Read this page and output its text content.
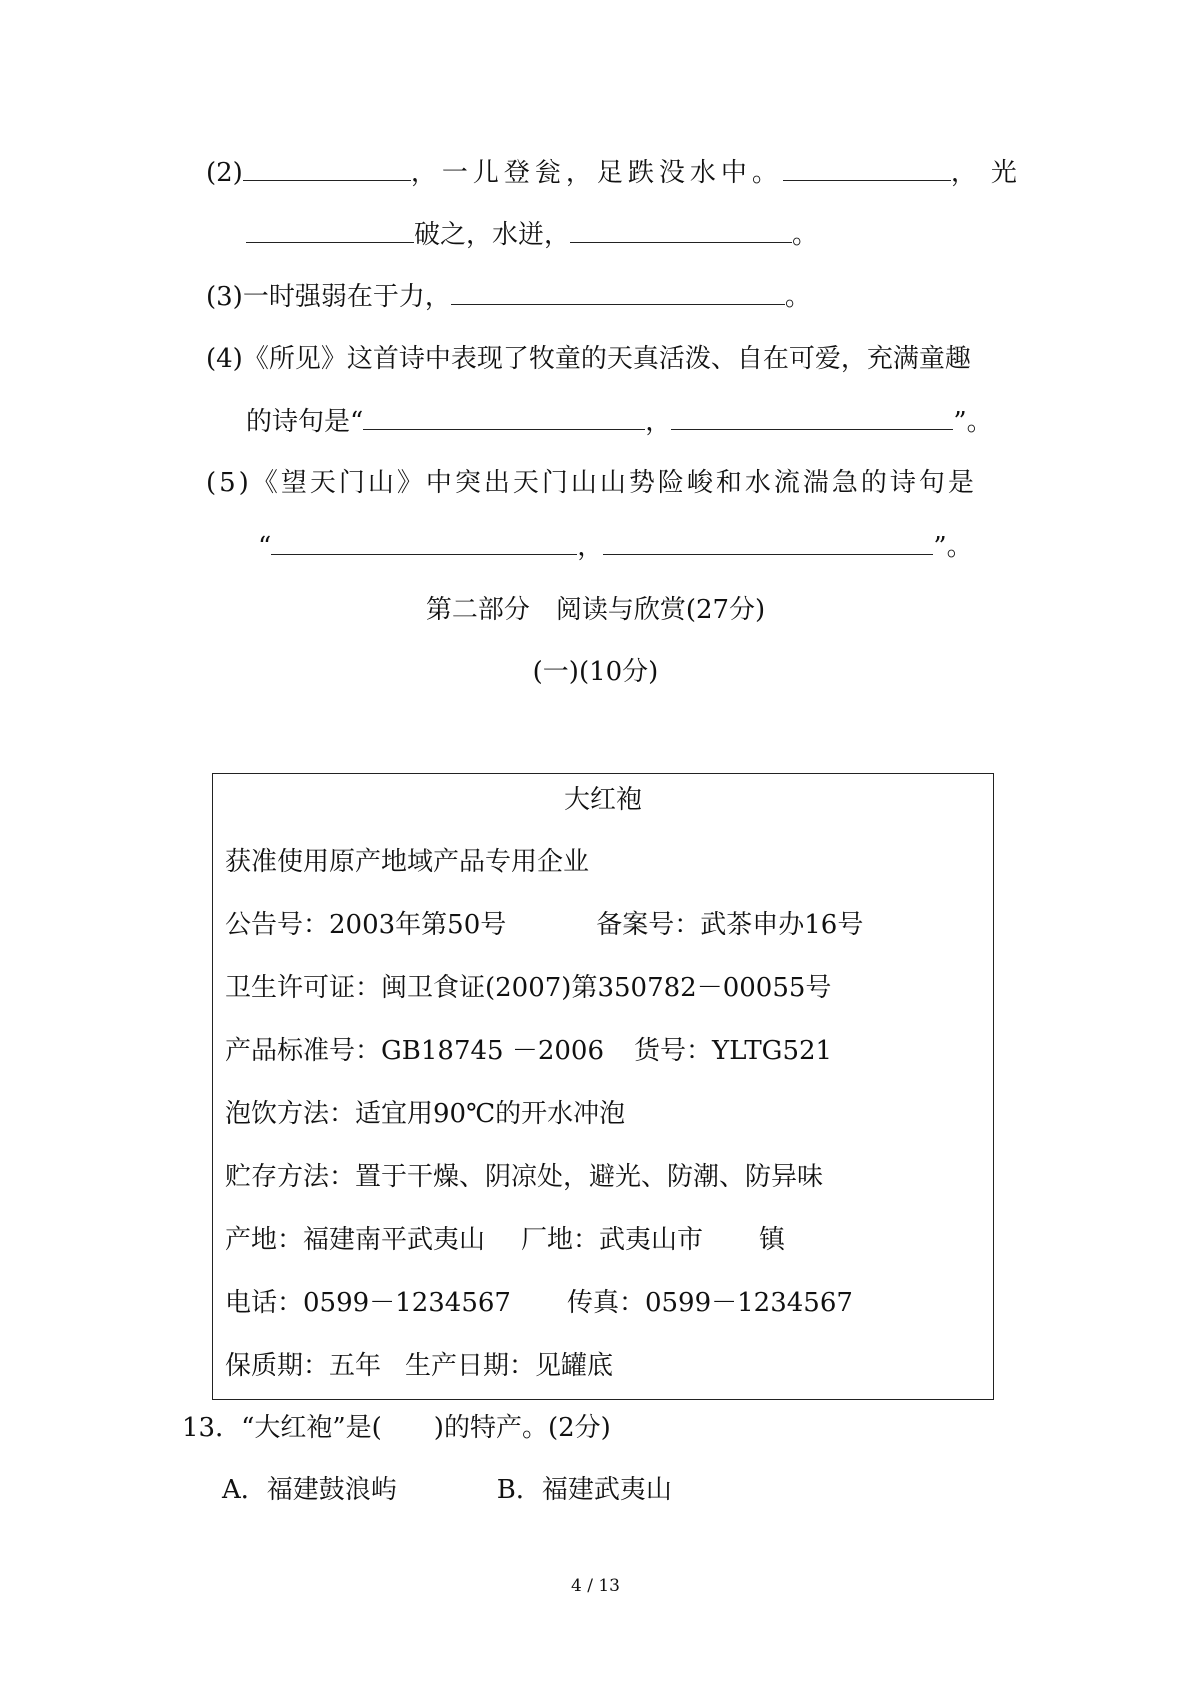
(2)	，一儿登瓮，足跌没水中。	，光
破之，水迸，	。
(3)一时强弱在于力，	。
(4)《所见》这首诗中表现了牧童的天真活泼、自在可爱，充满童趣
的诗句是“	，	”。
(5)《望天门山》中突出天门山山势险峻和水流湍急的诗句是
“	，	”。
第二部分　阅读与欣赏(27分)
(一)(10分)
大红袍
获准使用原产地域产品专用企业
公告号：2003年第50号	备案号：武茶申办16号
卫生许可证：闽卫食证(2007)第350782－00055号
产品标准号：GB18745 －2006 货号：YLTG521
泡饮方法：适宜用90℃的开水冲泡
贮存方法：置于干燥、阴凉处，避光、防潮、防异味
产地：福建南平武夷山 厂地：武夷山市 镇
电话：0599－1234567 传真：0599－1234567
保质期：五年 生产日期：见罐底
13．“大红袍”是(　　)的特产。(2分)
A．福建鼓浪屿	B．福建武夷山
4 / 13
